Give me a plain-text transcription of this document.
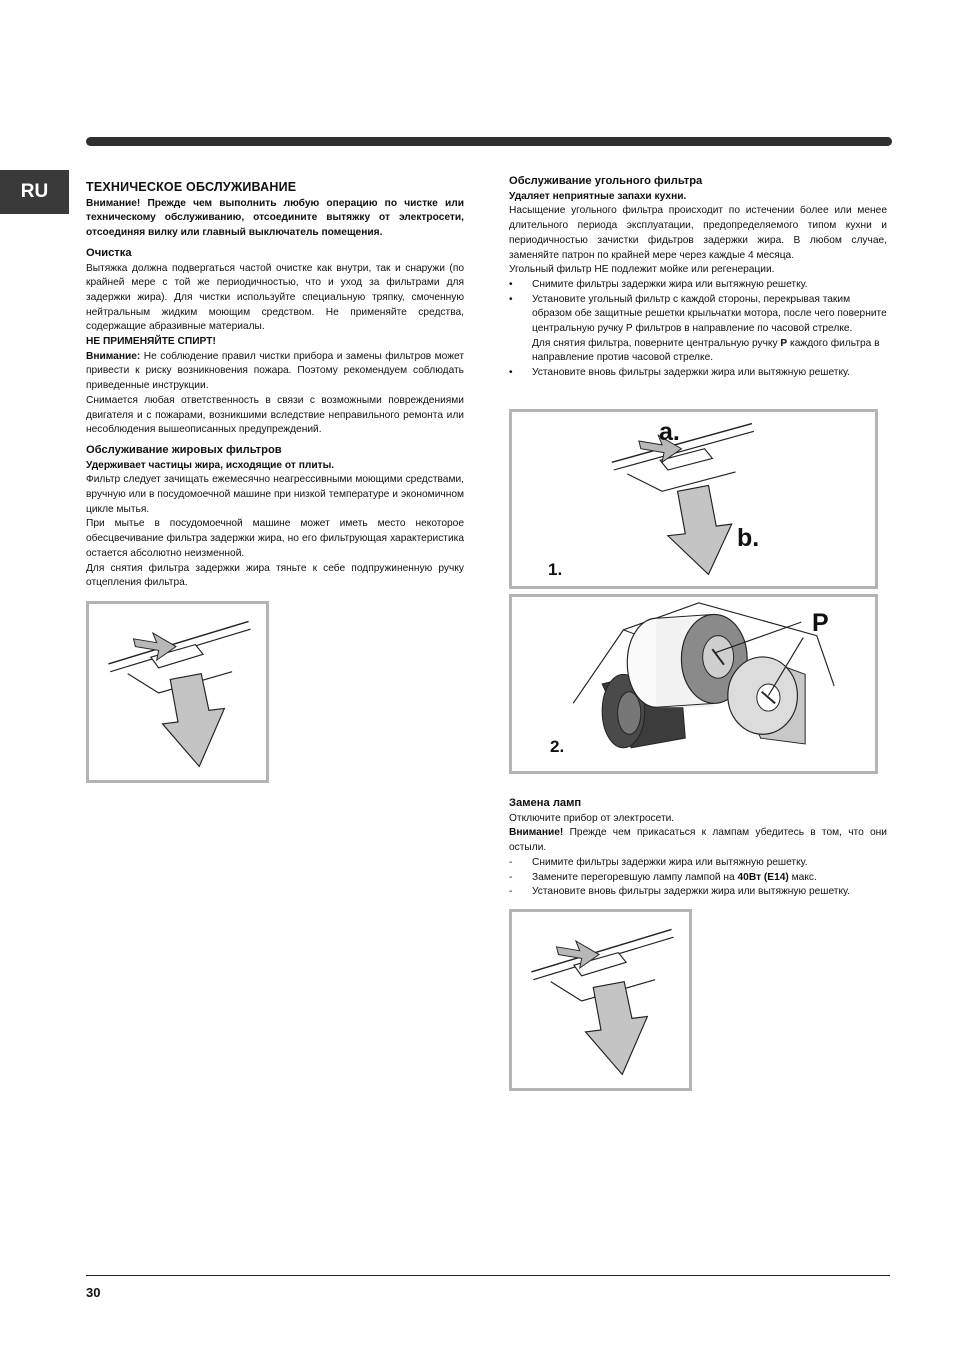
RU	ТЕХНИЧЕСКОЕ ОБСЛУЖИВАНИЕ

Внимание! Прежде чем выполнить любую операцию по чистке или техническому обслуживанию, отсоедините вытяжку от электросети, отсоединяя вилку или главный выключатель помещения.

Очистка

Вытяжка должна подвергаться частой очистке как внутри, так и снаружи (по крайней мере с той же периодичностью, что и уход за фильтрами для задержки жира). Для чистки используйте специальную тряпку, смоченную нейтральным жидким моющим средством. Не применяйте средства, содержащие абразивные материалы.

НЕ ПРИМЕНЯЙТЕ СПИРТ!

Внимание: Не соблюдение правил чистки прибора и замены фильтров может привести к риску возникновения пожара. Поэтому рекомендуем соблюдать приведенные инструкции.

Снимается любая ответственность в связи с возможными повреждениями двигателя и с пожарами, возникшими вследствие неправильного ремонта или несоблюдения вышеописанных предупреждений.

Обслуживание жировых фильтров

Удерживает частицы жира, исходящие от плиты.

Фильтр следует зачищать ежемесячно неагрессивными моющими средствами, вручную или в посудомоечной машине при низкой температуре и экономичном цикле мытья.

При мытье в посудомоечной машине может иметь место некоторое обесцвечивание фильтра задержки жира, но его фильтрующая характеристика остается абсолютно неизменной.

Для снятия фильтра задержки жира тяньте к себе подпружиненную ручку отцепления фильтра.

Обслуживание угольного фильтра

Удаляет неприятные запахи кухни.

Насыщение угольного фильтра происходит по истечении более или менее длительного периода эксплуатации, предопределяемого типом кухни и периодичностью зачистки фидьтров задержки жира. В любом случае, заменяйте патрон по крайней мере через каждые 4 месяца.

Угольный фильтр НЕ подлежит мойке или регенерации.

• Снимите фильтры задержки жира или вытяжную решетку.
• Установите угольный фильтр с каждой стороны, перекрывая таким образом обе защитные решетки крыльчатки мотора, после чего поверните центральную ручку Р фильтров в направление по часовой стрелке.

Для снятия фильтра, поверните центральную ручку Р каждого фильтра в направление против часовой стрелке.

• Установите вновь фильтры задержки жира или вытяжную решетку.
a.
b.
1.
P
2.
Замена ламп

Отключите прибор от электросети.

Внимание! Прежде чем прикасаться к лампам убедитесь в том, что они остыли.

- Снимите фильтры задержки жира или вытяжную решетку.
- Замените перегоревшую лампу лампой на 40Вт (E14) макс.
- Установите вновь фильтры задержки жира или вытяжную решетку.
30
